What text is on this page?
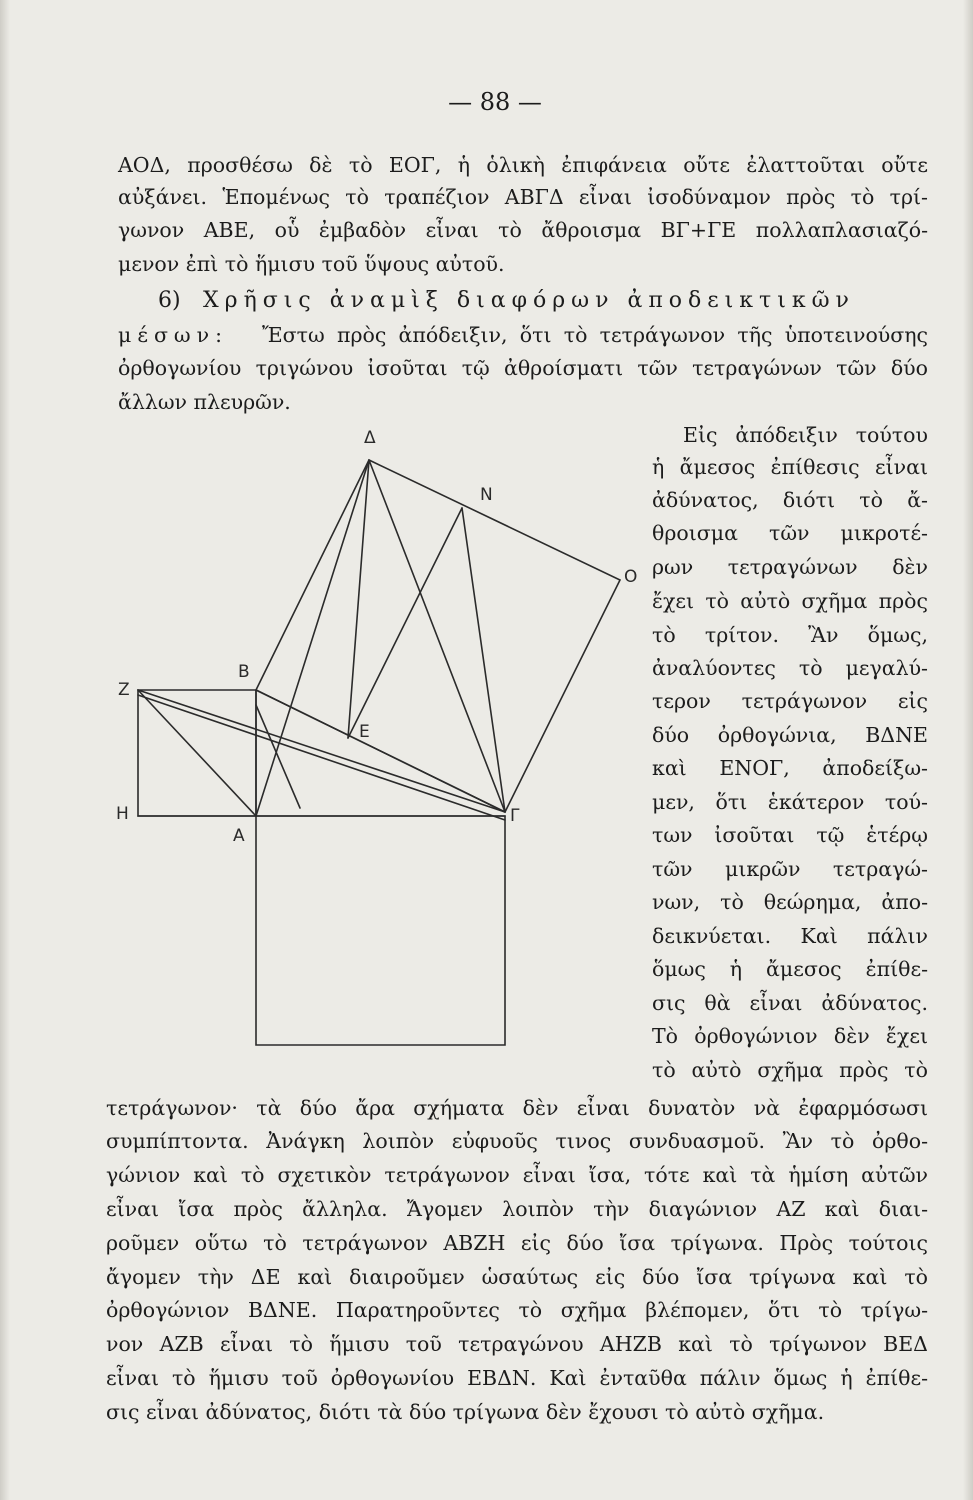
— 88 —
ΑΟΔ, προσθέσω δὲ τὸ ΕΟΓ, ἡ ὁλικὴ ἐπιφάνεια οὔτε ἐλαττοῦται οὔτε
αὐξάνει. Ἑπομένως τὸ τραπέζιον ΑΒΓΔ εἶναι ἰσοδύναμον πρὸς τὸ τρί-
γωνον ΑΒΕ, οὗ ἐμβαδὸν εἶναι τὸ ἄθροισμα ΒΓ+ΓΕ πολλαπλασιαζό-
μενον ἐπὶ τὸ ἥμισυ τοῦ ὕψους αὐτοῦ.
6) Χρῆσις ἀναμὶξ διαφόρων ἀποδεικτικῶν
μέσων: Ἔστω πρὸς ἀπόδειξιν, ὅτι τὸ τετράγωνον τῆς ὑποτεινούσης
ὀρθογωνίου τριγώνου ἰσοῦται τῷ ἀθροίσματι τῶν τετραγώνων τῶν δύο
ἄλλων πλευρῶν.
Εἰς ἀπόδειξιν τούτου
ἡ ἄμεσος ἐπίθεσις εἶναι
ἀδύνατος, διότι τὸ ἄ-
θροισμα τῶν μικροτέ-
ρων τετραγώνων δὲν
ἔχει τὸ αὐτὸ σχῆμα πρὸς
τὸ τρίτον. Ἂν ὅμως,
ἀναλύοντες τὸ μεγαλύ-
τερον τετράγωνον εἰς
δύο ὀρθογώνια, ΒΔΝΕ
καὶ ΕΝΟΓ, ἀποδείξω-
μεν, ὅτι ἑκάτερον τού-
των ἰσοῦται τῷ ἑτέρῳ
τῶν μικρῶν τετραγώ-
νων, τὸ θεώρημα, ἀπο-
δεικνύεται. Καὶ πάλιν
ὅμως ἡ ἄμεσος ἐπίθε-
σις θὰ εἶναι ἀδύνατος.
Τὸ ὀρθογώνιον δὲν ἔχει
τὸ αὐτὸ σχῆμα πρὸς τὸ
τετράγωνον· τὰ δύο ἄρα σχήματα δὲν εἶναι δυνατὸν νὰ ἐφαρμόσωσι
συμπίπτοντα. Ἀνάγκη λοιπὸν εὐφυοῦς τινος συνδυασμοῦ. Ἂν τὸ ὀρθο-
γώνιον καὶ τὸ σχετικὸν τετράγωνον εἶναι ἴσα, τότε καὶ τὰ ἡμίση αὐτῶν
εἶναι ἴσα πρὸς ἄλληλα. Ἄγομεν λοιπὸν τὴν διαγώνιον ΑΖ καὶ διαι-
ροῦμεν οὕτω τὸ τετράγωνον ΑΒΖΗ εἰς δύο ἴσα τρίγωνα. Πρὸς τούτοις
ἄγομεν τὴν ΔΕ καὶ διαιροῦμεν ὡσαύτως εἰς δύο ἴσα τρίγωνα καὶ τὸ
ὀρθογώνιον ΒΔΝΕ. Παρατηροῦντες τὸ σχῆμα βλέπομεν, ὅτι τὸ τρίγω-
νον ΑΖΒ εἶναι τὸ ἥμισυ τοῦ τετραγώνου ΑΗΖΒ καὶ τὸ τρίγωνον ΒΕΔ
εἶναι τὸ ἥμισυ τοῦ ὀρθογωνίου ΕΒΔΝ. Καὶ ἐνταῦθα πάλιν ὅμως ἡ ἐπίθε-
σις εἶναι ἀδύνατος, διότι τὰ δύο τρίγωνα δὲν ἔχουσι τὸ αὐτὸ σχῆμα.
Δ
Ν
Ο
Ζ
Β
Ε
Η
Α
Γ
